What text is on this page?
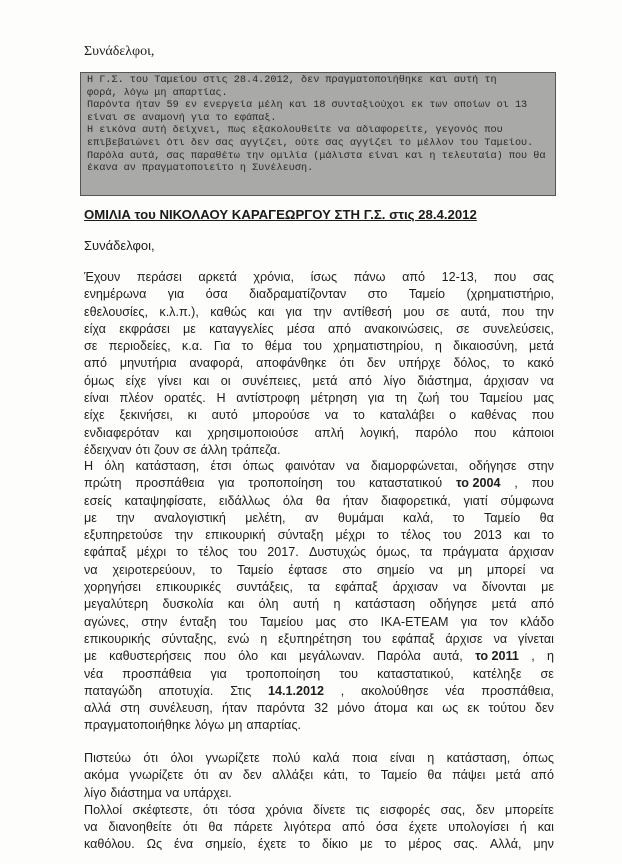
Συνάδελφοι,
Η Γ.Σ. του Ταμείου στις 28.4.2012, δεν πραγματοποιήθηκε και αυτή τη
φορά, λόγω μη απαρτίας.
Παρόντα ήταν 59 εν ενεργεία μέλη και 18 συνταξιούχοι εκ των οποίων οι 13
είναι σε αναμονή για το εφάπαξ.
Η εικόνα αυτή δείχνει, πως εξακολουθείτε να αδιαφορείτε, γεγονός που
επιβεβαιώνει ότι δεν σας αγγίζει, ούτε σας αγγίζει το μέλλον του Ταμείου.
Παρόλα αυτά, σας παραθέτω την ομιλία (μάλιστα είναι και η τελευταία) που θα
έκανα αν πραγματοποιείτο η Συνέλευση.
ΟΜΙΛΙΑ του ΝΙΚΟΛΑΟΥ ΚΑΡΑΓΕΩΡΓΟΥ ΣΤΗ Γ.Σ. στις 28.4.2012
Συνάδελφοι,
Έχουν περάσει αρκετά χρόνια, ίσως πάνω από 12-13, που σας
ενημέρωνα για όσα διαδραματίζονταν στο Ταμείο (χρηματιστήριο,
εθελουσίες, κ.λ.π.), καθώς και για την αντίθεσή μου σε αυτά, που την
είχα εκφράσει με καταγγελίες μέσα από ανακοινώσεις, σε συνελεύσεις,
σε περιοδείες, κ.α. Για το θέμα του χρηματιστηρίου, η δικαιοσύνη, μετά
από μηνυτήρια αναφορά, αποφάνθηκε ότι δεν υπήρχε δόλος, το κακό
όμως είχε γίνει και οι συνέπειες, μετά από λίγο διάστημα, άρχισαν να
είναι πλέον ορατές. Η αντίστροφη μέτρηση για τη ζωή του Ταμείου μας
είχε ξεκινήσει, κι αυτό μπορούσε να το καταλάβει ο καθένας που
ενδιαφερόταν και χρησιμοποιούσε απλή λογική, παρόλο που κάποιοι
έδειχναν ότι ζουν σε άλλη τράπεζα.
Η όλη κατάσταση, έτσι όπως φαινόταν να διαμορφώνεται, οδήγησε στην
πρώτη προσπάθεια για τροποποίηση του καταστατικού το 2004 , που
εσείς καταψηφίσατε, ειδάλλως όλα θα ήταν διαφορετικά, γιατί σύμφωνα
με την αναλογιστική μελέτη, αν θυμάμαι καλά, το Ταμείο θα
εξυπηρετούσε την επικουρική σύνταξη μέχρι το τέλος του 2013 και το
εφάπαξ μέχρι το τέλος του 2017. Δυστυχώς όμως, τα πράγματα άρχισαν
να χειροτερεύουν, το Ταμείο έφτασε στο σημείο να μη μπορεί να
χορηγήσει επικουρικές συντάξεις, τα εφάπαξ άρχισαν να δίνονται με
μεγαλύτερη δυσκολία και όλη αυτή η κατάσταση οδήγησε μετά από
αγώνες, στην ένταξη του Ταμείου μας στο ΙΚΑ-ΕΤΕΑΜ για τον κλάδο
επικουρικής σύνταξης, ενώ η εξυπηρέτηση του εφάπαξ άρχισε να γίνεται
με καθυστερήσεις που όλο και μεγάλωναν. Παρόλα αυτά, το 2011 , η
νέα προσπάθεια για τροποποίηση του καταστατικού, κατέληξε σε
παταγώδη αποτυχία. Στις 14.1.2012 , ακολούθησε νέα προσπάθεια,
αλλά στη συνέλευση, ήταν παρόντα 32 μόνο άτομα και ως εκ τούτου δεν
πραγματοποιήθηκε λόγω μη απαρτίας.
Πιστεύω ότι όλοι γνωρίζετε πολύ καλά ποια είναι η κατάσταση, όπως
ακόμα γνωρίζετε ότι αν δεν αλλάξει κάτι, το Ταμείο θα πάψει μετά από
λίγο διάστημα να υπάρχει.
Πολλοί σκέφτεστε, ότι τόσα χρόνια δίνετε τις εισφορές σας, δεν μπορείτε
να διανοηθείτε ότι θα πάρετε λιγότερα από όσα έχετε υπολογίσει ή και
καθόλου. Ως ένα σημείο, έχετε το δίκιο με το μέρος σας. Αλλά, μην
